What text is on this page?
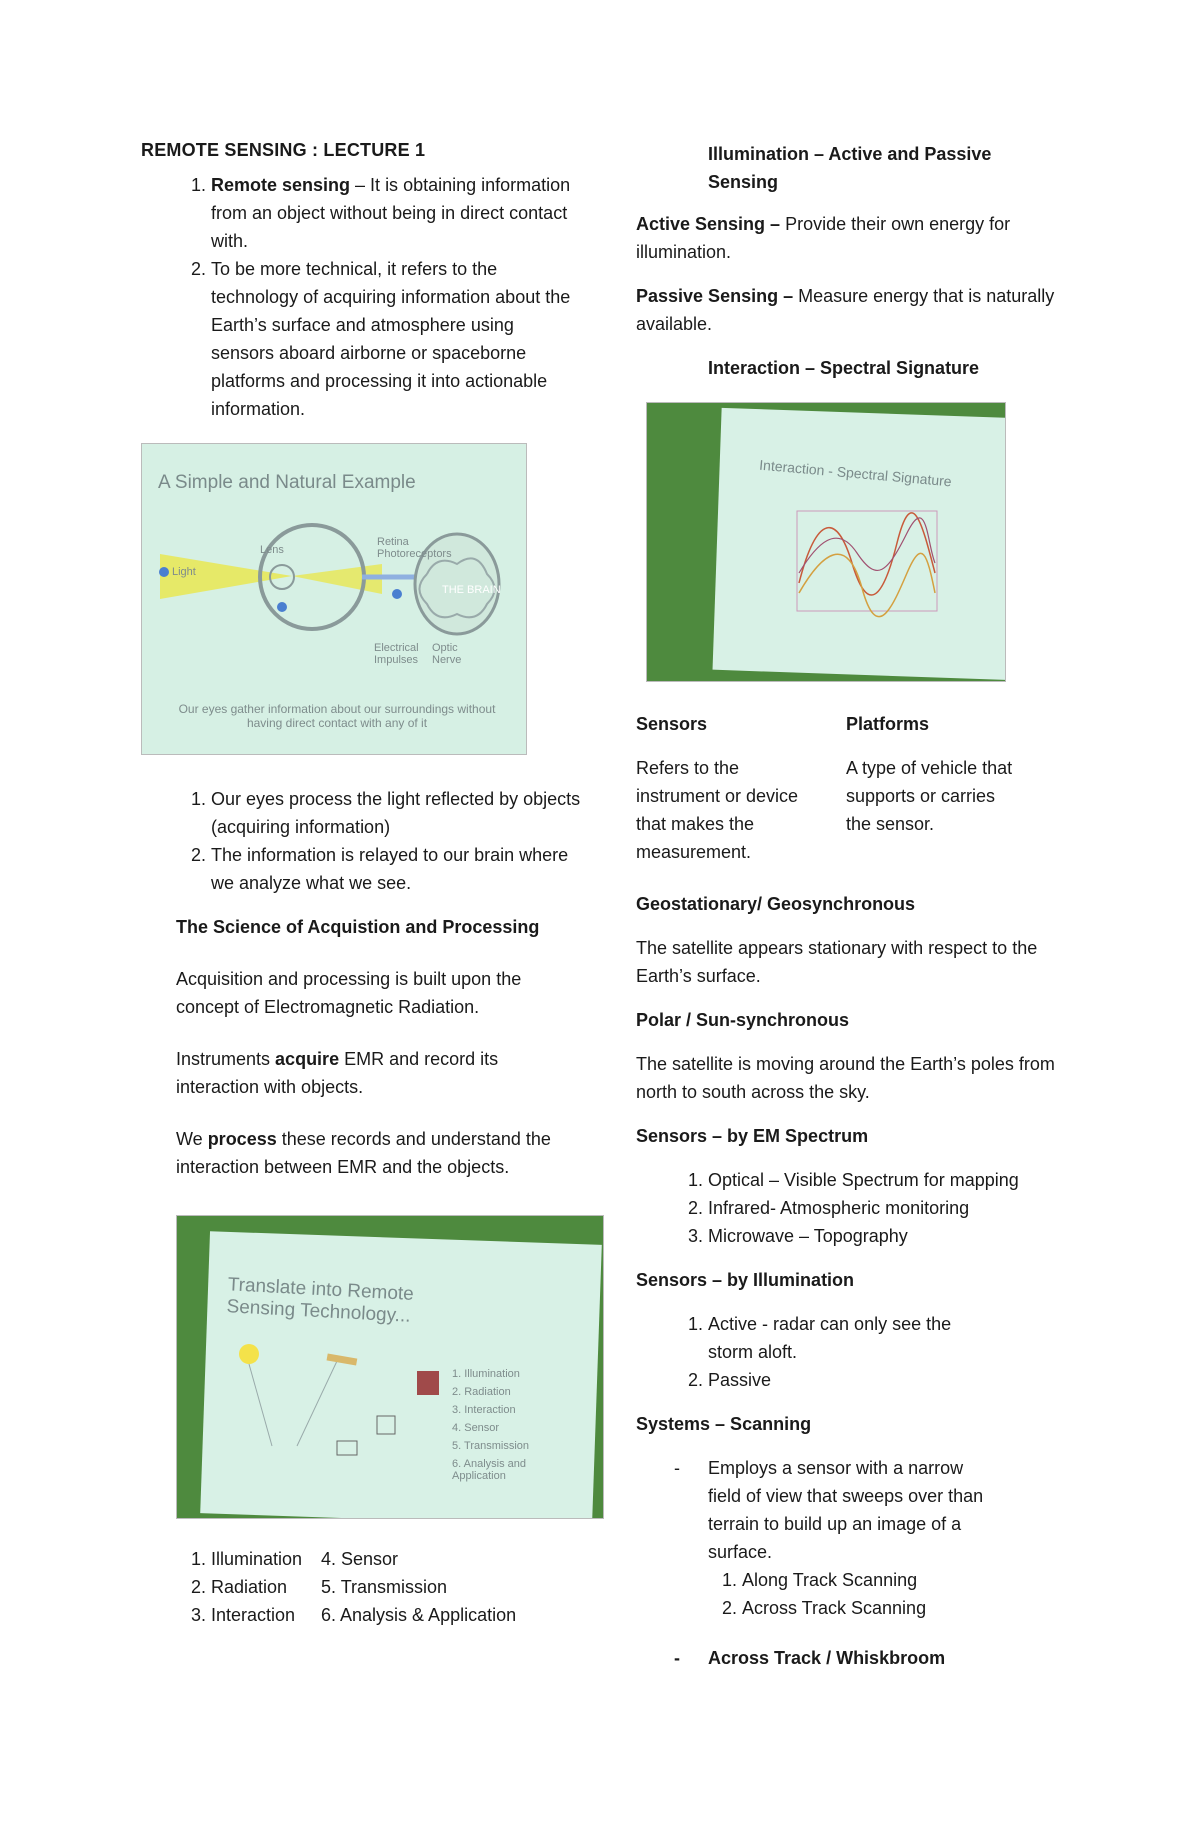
REMOTE SENSING : LECTURE 1
1. Remote sensing – It is obtaining information from an object without being in direct contact with.
2. To be more technical, it refers to the technology of acquiring information about the Earth’s surface and atmosphere using sensors aboard airborne or spaceborne platforms and processing it into actionable information.
A Simple and Natural Example
Light
Lens
Retina Photoreceptors
THE BRAIN
Electrical Impulses
Optic Nerve
Our eyes gather information about our surroundings without having direct contact with any of it
1. Our eyes process the light reflected by objects (acquiring information)
2. The information is relayed to our brain where we analyze what we see.

The Science of Acquistion and Processing

Acquisition and processing is built upon the concept of Electromagnetic Radiation.

Instruments acquire EMR and record its interaction with objects.

We process these records and understand the interaction between EMR and the objects.

Translate into Remote Sensing Technology...
1. Illumination
2. Radiation
3. Interaction
4. Sensor
5. Transmission
6. Analysis and Application
1. Illumination 4. Sensor
2. Radiation 5. Transmission
3. Interaction 6. Analysis & Application

Illumination – Active and Passive Sensing

Active Sensing – Provide their own energy for illumination.

Passive Sensing – Measure energy that is naturally available.

Interaction – Spectral Signature

Interaction - Spectral Signature

Sensors

Refers to the instrument or device that makes the measurement.

Platforms

A type of vehicle that supports or carries the sensor.

Geostationary/ Geosynchronous

The satellite appears stationary with respect to the Earth’s surface.

Polar / Sun-synchronous

The satellite is moving around the Earth’s poles from north to south across the sky.

Sensors – by EM Spectrum

1. Optical – Visible Spectrum for mapping
2. Infrared- Atmospheric monitoring
3. Microwave – Topography

Sensors – by Illumination

1. Active - radar can only see the storm aloft.
2. Passive

Systems – Scanning

- Employs a sensor with a narrow field of view that sweeps over than terrain to build up an image of a surface.
1. Along Track Scanning
2. Across Track Scanning
- Across Track / Whiskbroom
